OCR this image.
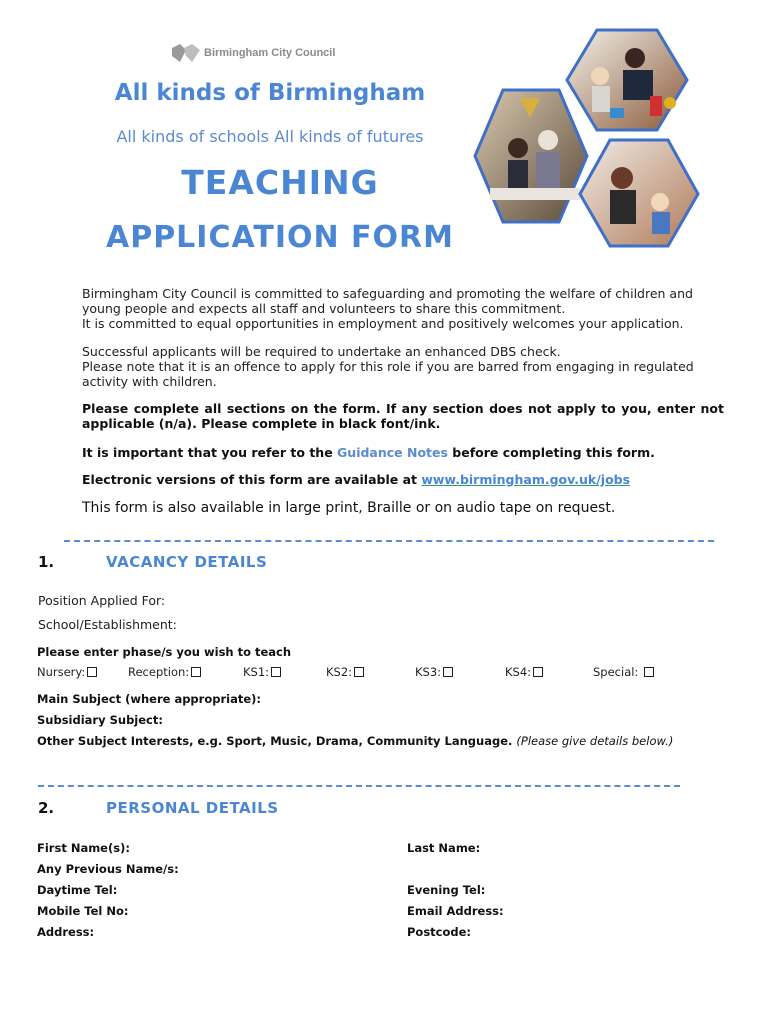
Birmingham City Council
All kinds of Birmingham
All kinds of schools All kinds of futures
TEACHING
APPLICATION FORM
Birmingham City Council is committed to safeguarding and promoting the welfare of children and
young people and expects all staff and volunteers to share this commitment.
It is committed to equal opportunities in employment and positively welcomes your application.
Successful applicants will be required to undertake an enhanced DBS check.
Please note that it is an offence to apply for this role if you are barred from engaging in regulated
activity with children.
Please complete all sections on the form. If any section does not apply to you, enter not applicable (n/a). Please complete in black font/ink.
It is important that you refer to the Guidance Notes before completing this form.
Electronic versions of this form are available at www.birmingham.gov.uk/jobs
This form is also available in large print, Braille or on audio tape on request.
1.	VACANCY DETAILS
Position Applied For:
School/Establishment:
Please enter phase/s you wish to teach
Nursery:	Reception:	KS1:	KS2:	KS3:	KS4:	Special:
Main Subject (where appropriate):
Subsidiary Subject:
Other Subject Interests, e.g. Sport, Music, Drama, Community Language. (Please give details below.)
2.	PERSONAL DETAILS
First Name(s):	Last Name:
Any Previous Name/s:
Daytime Tel:	Evening Tel:
Mobile Tel No:	Email Address:
Address:	Postcode:
